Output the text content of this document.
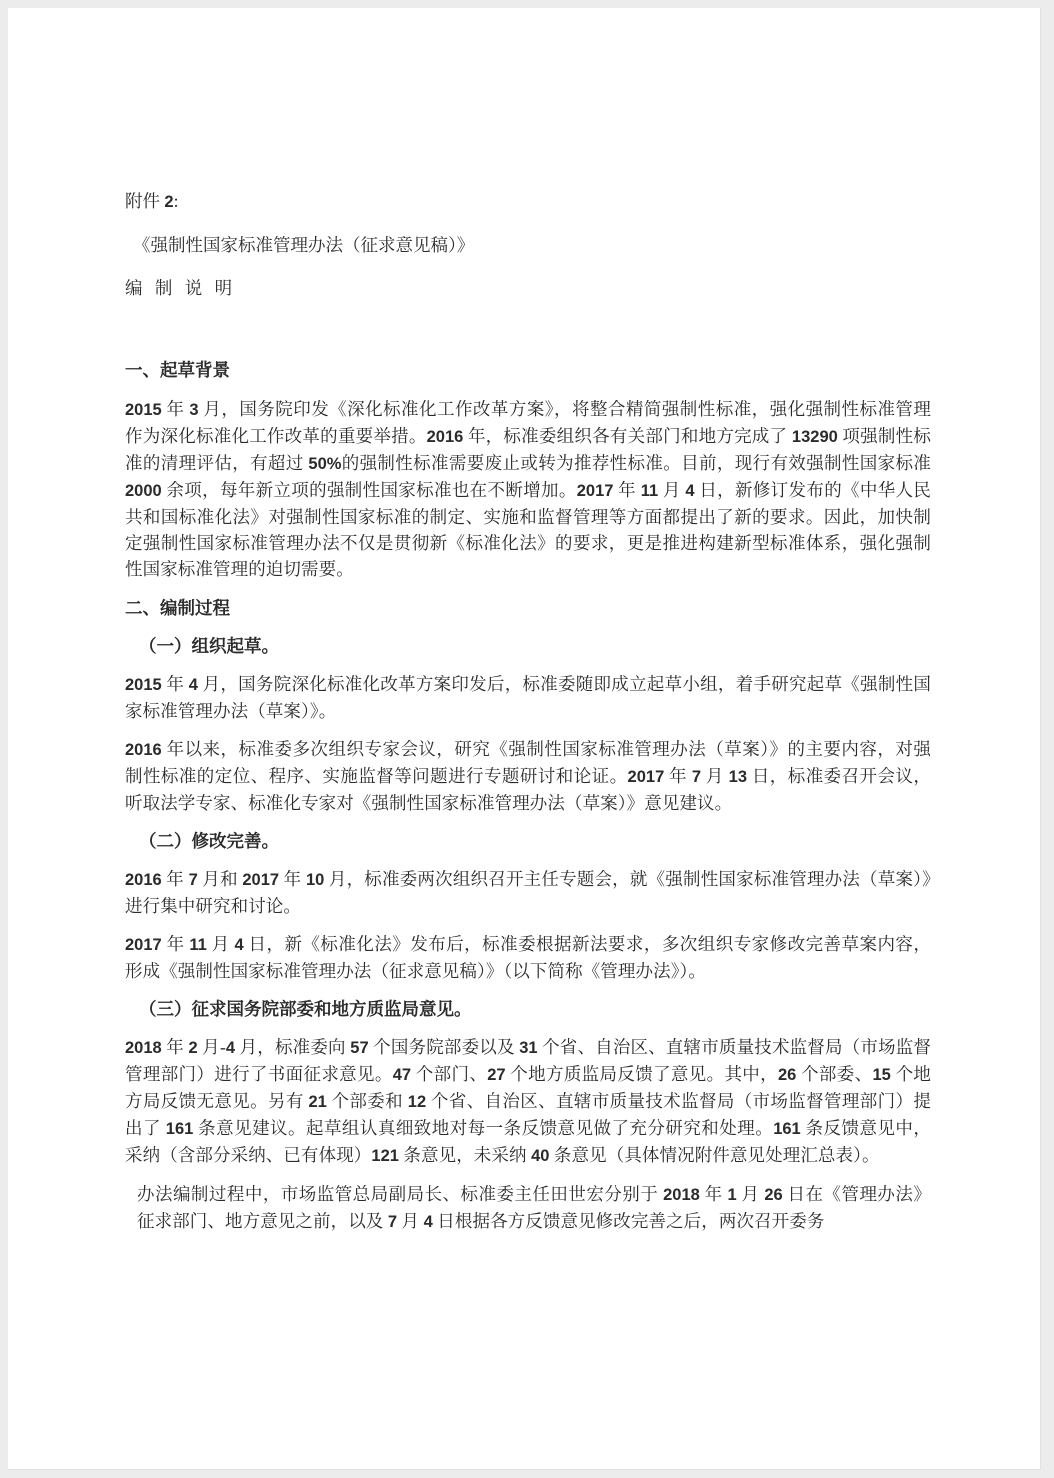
附件 2:

《强制性国家标准管理办法（征求意见稿）》

编 制 说 明

一、起草背景

2015 年 3 月，国务院印发《深化标准化工作改革方案》，将整合精简强制性标准，强化强制性标准管理作为深化标准化工作改革的重要举措。2016 年，标准委组织各有关部门和地方完成了 13290 项强制性标准的清理评估，有超过 50%的强制性标准需要废止或转为推荐性标准。目前，现行有效强制性国家标准 2000 余项，每年新立项的强制性国家标准也在不断增加。2017 年 11 月 4 日，新修订发布的《中华人民共和国标准化法》对强制性国家标准的制定、实施和监督管理等方面都提出了新的要求。因此，加快制定强制性国家标准管理办法不仅是贯彻新《标准化法》的要求，更是推进构建新型标准体系，强化强制性国家标准管理的迫切需要。

二、编制过程
（一）组织起草。

2015 年 4 月，国务院深化标准化改革方案印发后，标准委随即成立起草小组，着手研究起草《强制性国家标准管理办法（草案）》。

2016 年以来，标准委多次组织专家会议，研究《强制性国家标准管理办法（草案）》的主要内容，对强制性标准的定位、程序、实施监督等问题进行专题研讨和论证。2017 年 7 月 13 日，标准委召开会议，听取法学专家、标准化专家对《强制性国家标准管理办法（草案）》意见建议。

（二）修改完善。

2016 年 7 月和 2017 年 10 月，标准委两次组织召开主任专题会，就《强制性国家标准管理办法（草案）》进行集中研究和讨论。

2017 年 11 月 4 日，新《标准化法》发布后，标准委根据新法要求，多次组织专家修改完善草案内容，形成《强制性国家标准管理办法（征求意见稿）》（以下简称《管理办法》）。

（三）征求国务院部委和地方质监局意见。

2018 年 2 月-4 月，标准委向 57 个国务院部委以及 31 个省、自治区、直辖市质量技术监督局（市场监督管理部门）进行了书面征求意见。47 个部门、27 个地方质监局反馈了意见。其中，26 个部委、15 个地方局反馈无意见。另有 21 个部委和 12 个省、自治区、直辖市质量技术监督局（市场监督管理部门）提出了 161 条意见建议。起草组认真细致地对每一条反馈意见做了充分研究和处理。161 条反馈意见中，采纳（含部分采纳、已有体现）121 条意见，未采纳 40 条意见（具体情况附件意见处理汇总表）。

办法编制过程中，市场监管总局副局长、标准委主任田世宏分别于 2018 年 1 月 26 日在《管理办法》征求部门、地方意见之前，以及 7 月 4 日根据各方反馈意见修改完善之后，两次召开委务
